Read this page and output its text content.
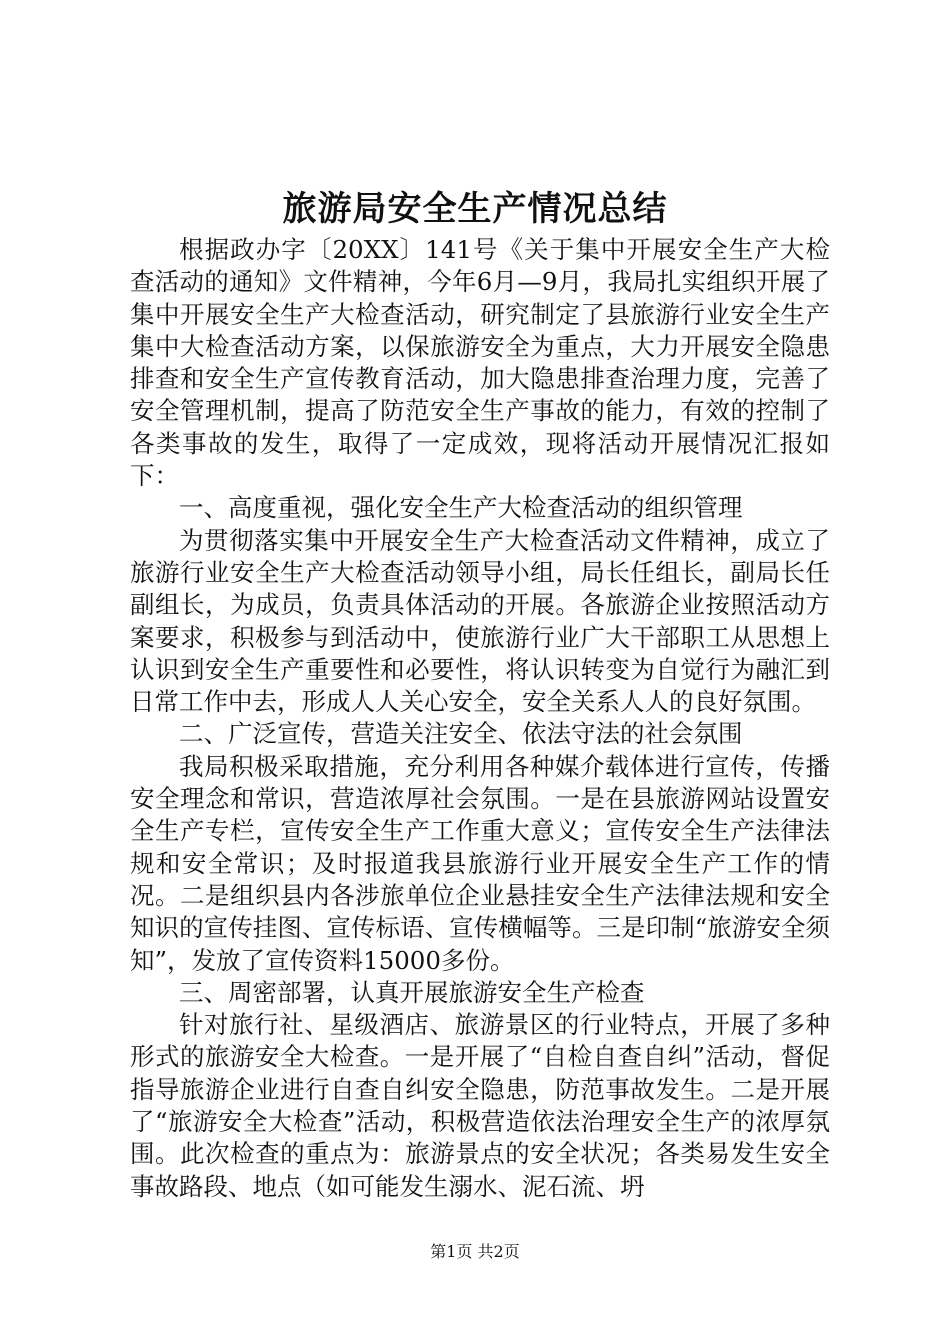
旅游局安全生产情况总结

根据政办字〔20XX〕141号《关于集中开展安全生产大检查活动的通知》文件精神，今年6月—9月，我局扎实组织开展了集中开展安全生产大检查活动，研究制定了县旅游行业安全生产集中大检查活动方案，以保旅游安全为重点，大力开展安全隐患排查和安全生产宣传教育活动，加大隐患排查治理力度，完善了安全管理机制，提高了防范安全生产事故的能力，有效的控制了各类事故的发生，取得了一定成效，现将活动开展情况汇报如下：

一、高度重视，强化安全生产大检查活动的组织管理

为贯彻落实集中开展安全生产大检查活动文件精神，成立了旅游行业安全生产大检查活动领导小组，局长任组长，副局长任副组长，为成员，负责具体活动的开展。各旅游企业按照活动方案要求，积极参与到活动中，使旅游行业广大干部职工从思想上认识到安全生产重要性和必要性，将认识转变为自觉行为融汇到日常工作中去，形成人人关心安全，安全关系人人的良好氛围。

二、广泛宣传，营造关注安全、依法守法的社会氛围

我局积极采取措施，充分利用各种媒介载体进行宣传，传播安全理念和常识，营造浓厚社会氛围。一是在县旅游网站设置安全生产专栏，宣传安全生产工作重大意义；宣传安全生产法律法规和安全常识；及时报道我县旅游行业开展安全生产工作的情况。二是组织县内各涉旅单位企业悬挂安全生产法律法规和安全知识的宣传挂图、宣传标语、宣传横幅等。三是印制“旅游安全须知”，发放了宣传资料15000多份。

三、周密部署，认真开展旅游安全生产检查

针对旅行社、星级酒店、旅游景区的行业特点，开展了多种形式的旅游安全大检查。一是开展了“自检自查自纠”活动，督促指导旅游企业进行自查自纠安全隐患，防范事故发生。二是开展了“旅游安全大检查”活动，积极营造依法治理安全生产的浓厚氛围。此次检查的重点为：旅游景点的安全状况；各类易发生安全事故路段、地点（如可能发生溺水、泥石流、坍

第1页 共2页
